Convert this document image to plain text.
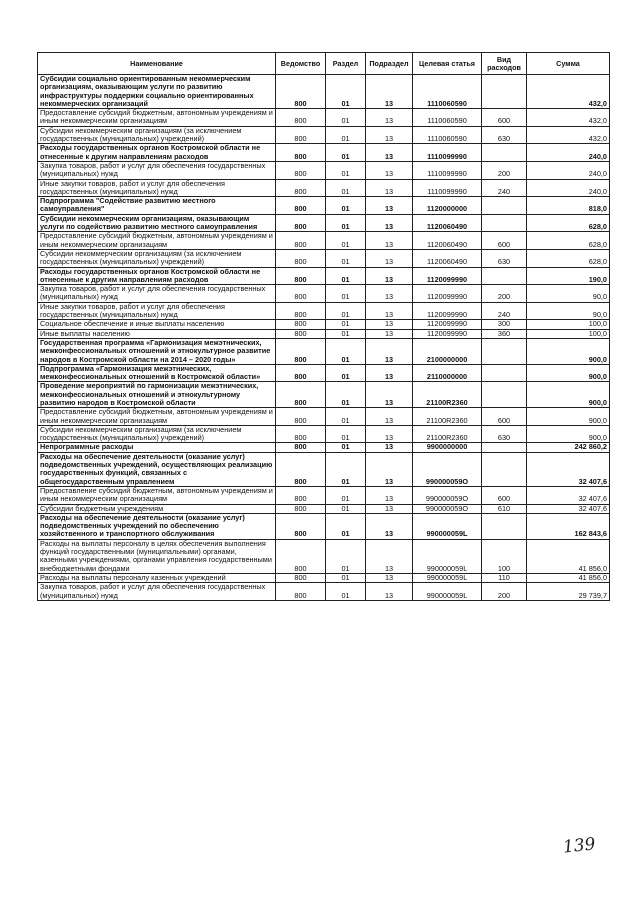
Наименование	Ведомство	Раздел	Подраздел	Целевая статья	Вид расходов	Сумма
Субсидии социально ориентированным некоммерческим организациям, оказывающим услуги по развитию инфраструктуры поддержки социально ориентированных некоммерческих организаций	800	01	13	1110060590		432,0
Предоставление субсидий бюджетным, автономным учреждениям и иным некоммерческим организациям	800	01	13	1110060590	600	432,0
Субсидии некоммерческим организациям (за исключением государственных (муниципальных) учреждений)	800	01	13	1110060590	630	432,0
Расходы государственных органов Костромской области не отнесенные к другим направлениям расходов	800	01	13	1110099990		240,0
Закупка товаров, работ и услуг для обеспечения государственных (муниципальных) нужд	800	01	13	1110099990	200	240,0
Иные закупки товаров, работ и услуг для обеспечения государственных (муниципальных) нужд	800	01	13	1110099990	240	240,0
Подпрограмма "Содействие развитию местного самоуправления"	800	01	13	1120000000		818,0
Субсидии некоммерческим организациям, оказывающим услуги по содействию развитию местного самоуправления	800	01	13	1120060490		628,0
Предоставление субсидий бюджетным, автономным учреждениям и иным некоммерческим организациям	800	01	13	1120060490	600	628,0
Субсидии некоммерческим организациям (за исключением государственных (муниципальных) учреждений)	800	01	13	1120060490	630	628,0
Расходы государственных органов Костромской области не отнесенные к другим направлениям расходов	800	01	13	1120099990		190,0
Закупка товаров, работ и услуг для обеспечения государственных (муниципальных) нужд	800	01	13	1120099990	200	90,0
Иные закупки товаров, работ и услуг для обеспечения государственных (муниципальных) нужд	800	01	13	1120099990	240	90,0
Социальное обеспечение и иные выплаты населению	800	01	13	1120099990	300	100,0
Иные выплаты населению	800	01	13	1120099990	360	100,0
Государственная программа «Гармонизация межэтнических, межконфессиональных отношений и этнокультурное развитие народов в Костромской области на 2014 – 2020 годы»	800	01	13	2100000000		900,0
Подпрограмма «Гармонизация межэтнических, межконфессиональных отношений в Костромской области»	800	01	13	2110000000		900,0
Проведение мероприятий по гармонизации межэтнических, межконфессиональных отношений и этнокультурному развитию народов в Костромской области	800	01	13	21100R2360		900,0
Предоставление субсидий бюджетным, автономным учреждениям и иным некоммерческим организациям	800	01	13	21100R2360	600	900,0
Субсидии некоммерческим организациям (за исключением государственных (муниципальных) учреждений)	800	01	13	21100R2360	630	900,0
Непрограммные расходы	800	01	13	9900000000		242 860,2
Расходы на обеспечение деятельности (оказание услуг) подведомственных учреждений, осуществляющих реализацию государственных функций, связанных с общегосударственным управлением	800	01	13	990000059О		32 407,6
Предоставление субсидий бюджетным, автономным учреждениям и иным некоммерческим организациям	800	01	13	990000059О	600	32 407,6
Субсидии бюджетным учреждениям	800	01	13	990000059О	610	32 407,6
Расходы на обеспечение деятельности (оказание услуг) подведомственных учреждений по обеспечению хозяйственного и транспортного обслуживания	800	01	13	990000059L		162 843,6
Расходы на выплаты персоналу в целях обеспечения выполнения функций государственными (муниципальными) органами, казенными учреждениями, органами управления государственными внебюджетными фондами	800	01	13	990000059L	100	41 856,0
Расходы на выплаты персоналу казенных учреждений	800	01	13	990000059L	110	41 856,0
Закупка товаров, работ и услуг для обеспечения государственных (муниципальных) нужд	800	01	13	990000059L	200	29 739,7
139
